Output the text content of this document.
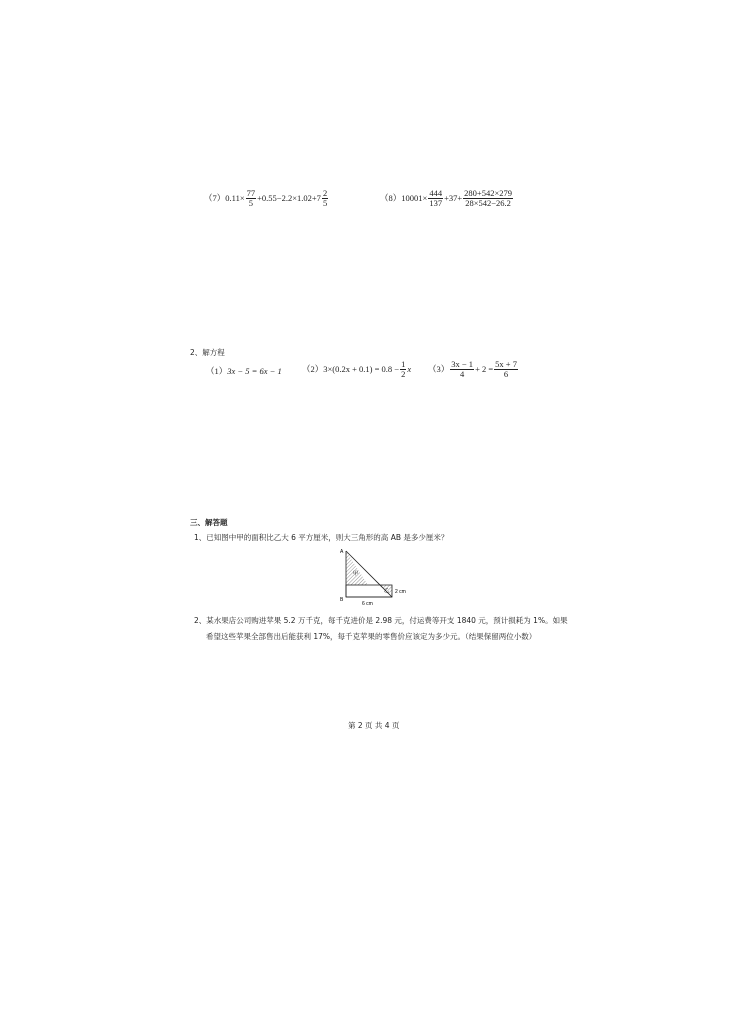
（7） $0.11\times \frac{77}{5} +0.55-2.2\times 1.02+7 \frac{2}{5}$	（8） $10001\times \frac{444}{137} +37+ \frac{280+542\times 279}{28\times 542-26.2}$
2、解方程
（1） 3x − 5 = 6x − 1 （2） $3\times(0.2x + 0.1) = 0.8 - \frac{1}{2}$ x $(3) \frac{3x - 1}{4} + 2 = \frac{5x + 7}{6}$
三、解答题
1、已知图中甲的面积比乙大 6 平方厘米，则大三角形的高 AB 是多少厘米？
A
B
甲
乙 2 cm
6 cm
2、某水果店公司购进苹果 5.2 万千克，每千克进价是 2.98 元，付运费等开支 1840 元，预计损耗为 1%。如果
希望这些苹果全部售出后能获利 17%，每千克苹果的零售价应该定为多少元。（结果保留两位小数）
第 2 页 共 4 页
